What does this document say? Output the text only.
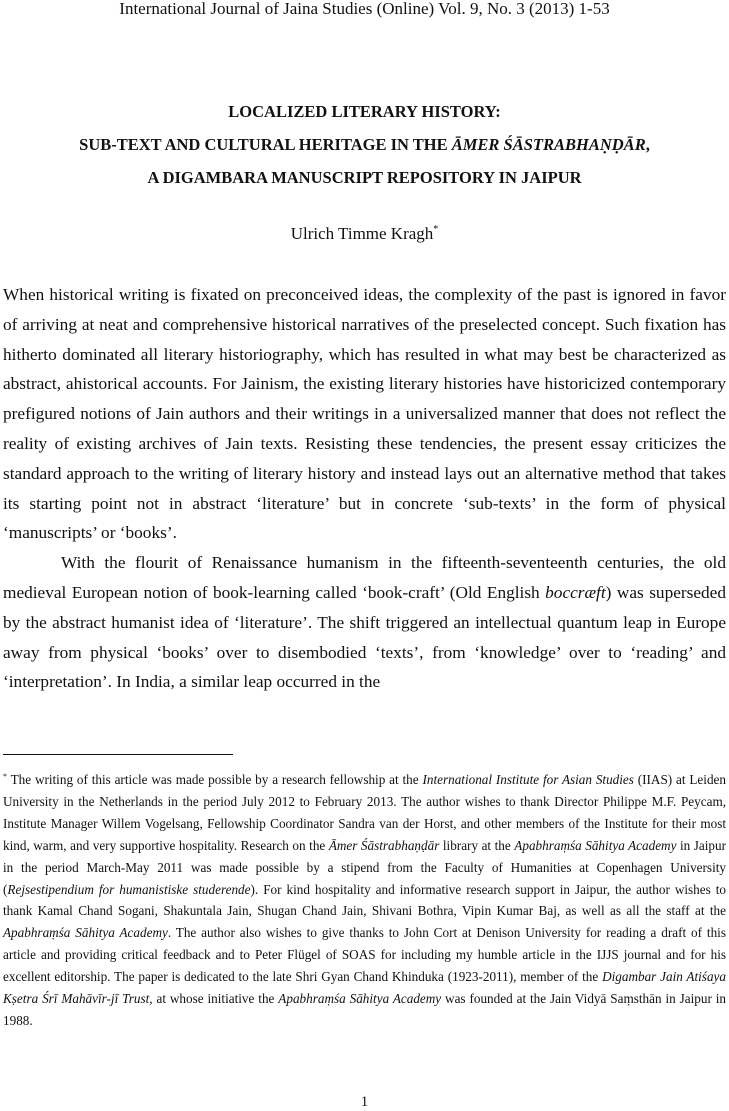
International Journal of Jaina Studies (Online) Vol. 9, No. 3 (2013) 1-53
LOCALIZED LITERARY HISTORY:
SUB-TEXT AND CULTURAL HERITAGE IN THE ĀMER ŚĀSTRABHAṆḌĀR,
A DIGAMBARA MANUSCRIPT REPOSITORY IN JAIPUR
Ulrich Timme Kragh*

When historical writing is fixated on preconceived ideas, the complexity of the past is ignored in favor of arriving at neat and comprehensive historical narratives of the preselected concept. Such fixation has hitherto dominated all literary historiography, which has resulted in what may best be characterized as abstract, ahistorical accounts. For Jainism, the existing literary histories have historicized contemporary prefigured notions of Jain authors and their writings in a universalized manner that does not reflect the reality of existing archives of Jain texts. Resisting these tendencies, the present essay criticizes the standard approach to the writing of literary history and instead lays out an alternative method that takes its starting point not in abstract ‘literature’ but in concrete ‘sub-texts’ in the form of physical ‘manuscripts’ or ‘books’.

With the flourit of Renaissance humanism in the fifteenth-seventeenth centuries, the old medieval European notion of book-learning called ‘book-craft’ (Old English boccræft) was superseded by the abstract humanist idea of ‘literature’. The shift triggered an intellectual quantum leap in Europe away from physical ‘books’ over to disembodied ‘texts’, from ‘knowledge’ over to ‘reading’ and ‘interpretation’. In India, a similar leap occurred in the

* The writing of this article was made possible by a research fellowship at the International Institute for Asian Studies (IIAS) at Leiden University in the Netherlands in the period July 2012 to February 2013. The author wishes to thank Director Philippe M.F. Peycam, Institute Manager Willem Vogelsang, Fellowship Coordinator Sandra van der Horst, and other members of the Institute for their most kind, warm, and very supportive hospitality. Research on the Āmer Śāstrabhaṇḍār library at the Apabhraṃśa Sāhitya Academy in Jaipur in the period March-May 2011 was made possible by a stipend from the Faculty of Humanities at Copenhagen University (Rejsestipendium for humanistiske studerende). For kind hospitality and informative research support in Jaipur, the author wishes to thank Kamal Chand Sogani, Shakuntala Jain, Shugan Chand Jain, Shivani Bothra, Vipin Kumar Baj, as well as all the staff at the Apabhraṃśa Sāhitya Academy. The author also wishes to give thanks to John Cort at Denison University for reading a draft of this article and providing critical feedback and to Peter Flügel of SOAS for including my humble article in the IJJS journal and for his excellent editorship. The paper is dedicated to the late Shri Gyan Chand Khinduka (1923-2011), member of the Digambar Jain Atiśaya Kṣetra Śrī Mahāvīr-jī Trust, at whose initiative the Apabhraṃśa Sāhitya Academy was founded at the Jain Vidyā Saṃsthān in Jaipur in 1988.
1
